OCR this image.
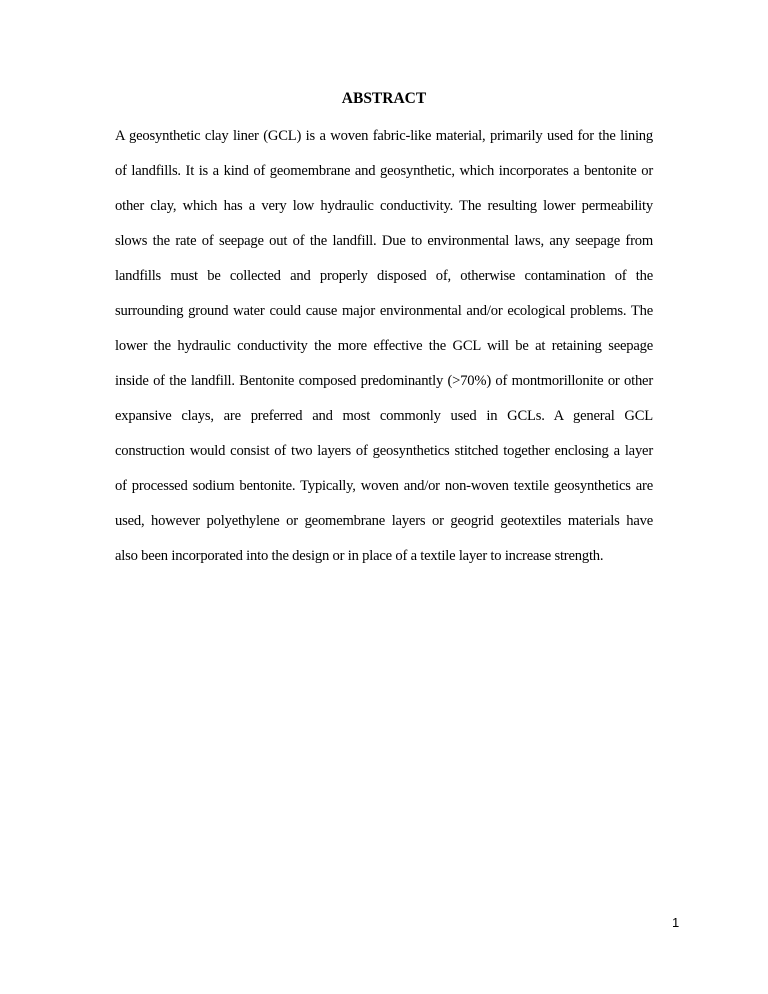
ABSTRACT
A geosynthetic clay liner (GCL) is a woven fabric-like material, primarily used for the lining
of landfills. It is a kind of geomembrane and geosynthetic, which incorporates a bentonite or
other clay, which has a very low hydraulic conductivity. The resulting lower permeability
slows the rate of seepage out of the landfill. Due to environmental laws, any seepage from
landfills must be collected and properly disposed of, otherwise contamination of the
surrounding ground water could cause major environmental and/or ecological problems. The
lower the hydraulic conductivity the more effective the GCL will be at retaining seepage
inside of the landfill. Bentonite composed predominantly (>70%) of montmorillonite or other
expansive clays, are preferred and most commonly used in GCLs. A general GCL
construction would consist of two layers of geosynthetics stitched together enclosing a layer
of processed sodium bentonite. Typically, woven and/or non-woven textile geosynthetics are
used, however polyethylene or geomembrane layers or geogrid geotextiles materials have
also been incorporated into the design or in place of a textile layer to increase strength.
1
